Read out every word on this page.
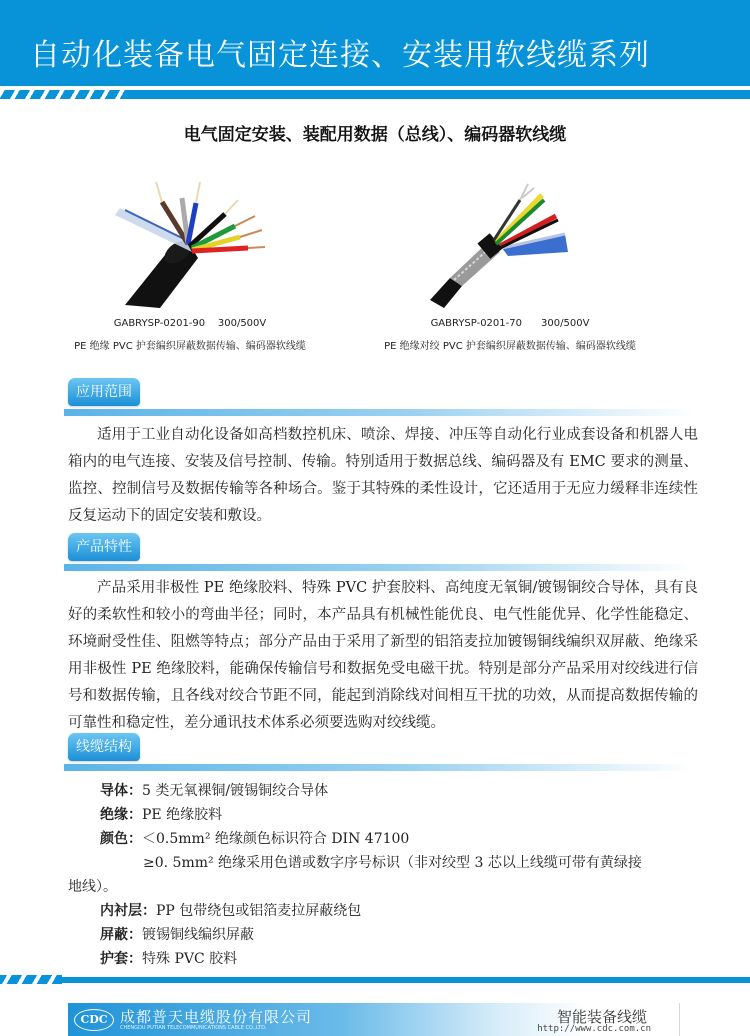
自动化装备电气固定连接、安装用软线缆系列
电气固定安装、装配用数据（总线）、编码器软线缆
GABRYSP-0201-90    300/500V
PE 绝缘 PVC 护套编织屏蔽数据传输、编码器软线缆
GABRYSP-0201-70      300/500V
PE 绝缘对绞 PVC 护套编织屏蔽数据传输、编码器软线缆
应用范围
适用于工业自动化设备如高档数控机床、喷涂、焊接、冲压等自动化行业成套设备和机器人电箱内的电气连接、安装及信号控制、传输。特别适用于数据总线、编码器及有 EMC 要求的测量、监控、控制信号及数据传输等各种场合。鉴于其特殊的柔性设计，它还适用于无应力缓释非连续性反复运动下的固定安装和敷设。
产品特性
产品采用非极性 PE 绝缘胶料、特殊 PVC 护套胶料、高纯度无氧铜/镀锡铜绞合导体，具有良好的柔软性和较小的弯曲半径；同时，本产品具有机械性能优良、电气性能优异、化学性能稳定、环境耐受性佳、阻燃等特点；部分产品由于采用了新型的铝箔麦拉加镀锡铜线编织双屏蔽、绝缘采用非极性 PE 绝缘胶料，能确保传输信号和数据免受电磁干扰。特别是部分产品采用对绞线进行信号和数据传输，且各线对绞合节距不同，能起到消除线对间相互干扰的功效，从而提高数据传输的可靠性和稳定性，差分通讯技术体系必须要选购对绞线缆。
线缆结构
导体：5 类无氧裸铜/镀锡铜绞合导体
绝缘：PE 绝缘胶料
颜色：＜0.5mm² 绝缘颜色标识符合 DIN 47100
≥0. 5mm² 绝缘采用色谱或数字序号标识（非对绞型 3 芯以上线缆可带有黄绿接
地线）。
内衬层：PP 包带绕包或铝箔麦拉屏蔽绕包
屏蔽：镀锡铜线编织屏蔽
护套：特殊 PVC 胶料
CDC 成都普天电缆股份有限公司
CHENGDU PUTIAN TELECOMMUNICATIONS CABLE CO.,LTD.
智能装备线缆
http://www.cdc.com.cn
